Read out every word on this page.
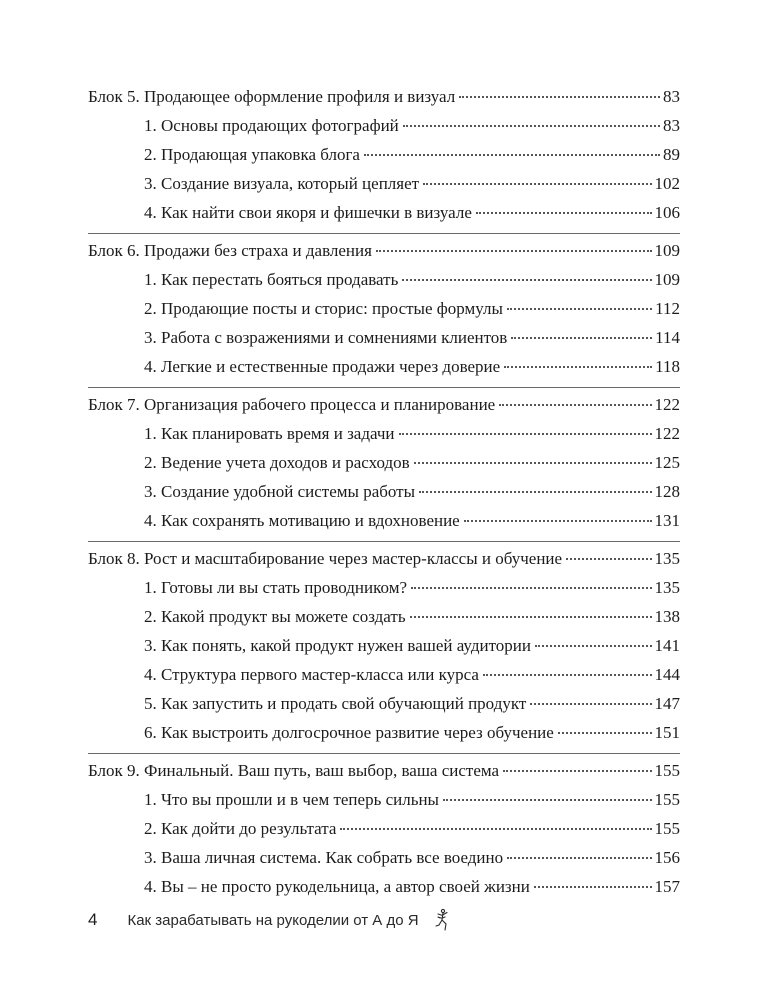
Блок 5. Продающее оформление профиля и визуал	83
1. Основы продающих фотографий	83
2. Продающая упаковка блога	89
3. Создание визуала, который цепляет	102
4. Как найти свои якоря и фишечки в визуале	106
Блок 6. Продажи без страха и давления	109
1. Как перестать бояться продавать	109
2. Продающие посты и сторис: простые формулы	112
3. Работа с возражениями и сомнениями клиентов	114
4. Легкие и естественные продажи через доверие	118
Блок 7. Организация рабочего процесса и планирование	122
1. Как планировать время и задачи	122
2. Ведение учета доходов и расходов	125
3. Создание удобной системы работы	128
4. Как сохранять мотивацию и вдохновение	131
Блок 8. Рост и масштабирование через мастер-классы и обучение	135
1. Готовы ли вы стать проводником?	135
2. Какой продукт вы можете создать	138
3. Как понять, какой продукт нужен вашей аудитории	141
4. Структура первого мастер-класса или курса	144
5. Как запустить и продать свой обучающий продукт	147
6. Как выстроить долгосрочное развитие через обучение	151
Блок 9. Финальный. Ваш путь, ваш выбор, ваша система	155
1. Что вы прошли и в чем теперь сильны	155
2. Как дойти до результата	155
3. Ваша личная система. Как собрать все воедино	156
4. Вы – не просто рукодельница, а автор своей жизни	157
4 Как зарабатывать на рукоделии от А до Я
